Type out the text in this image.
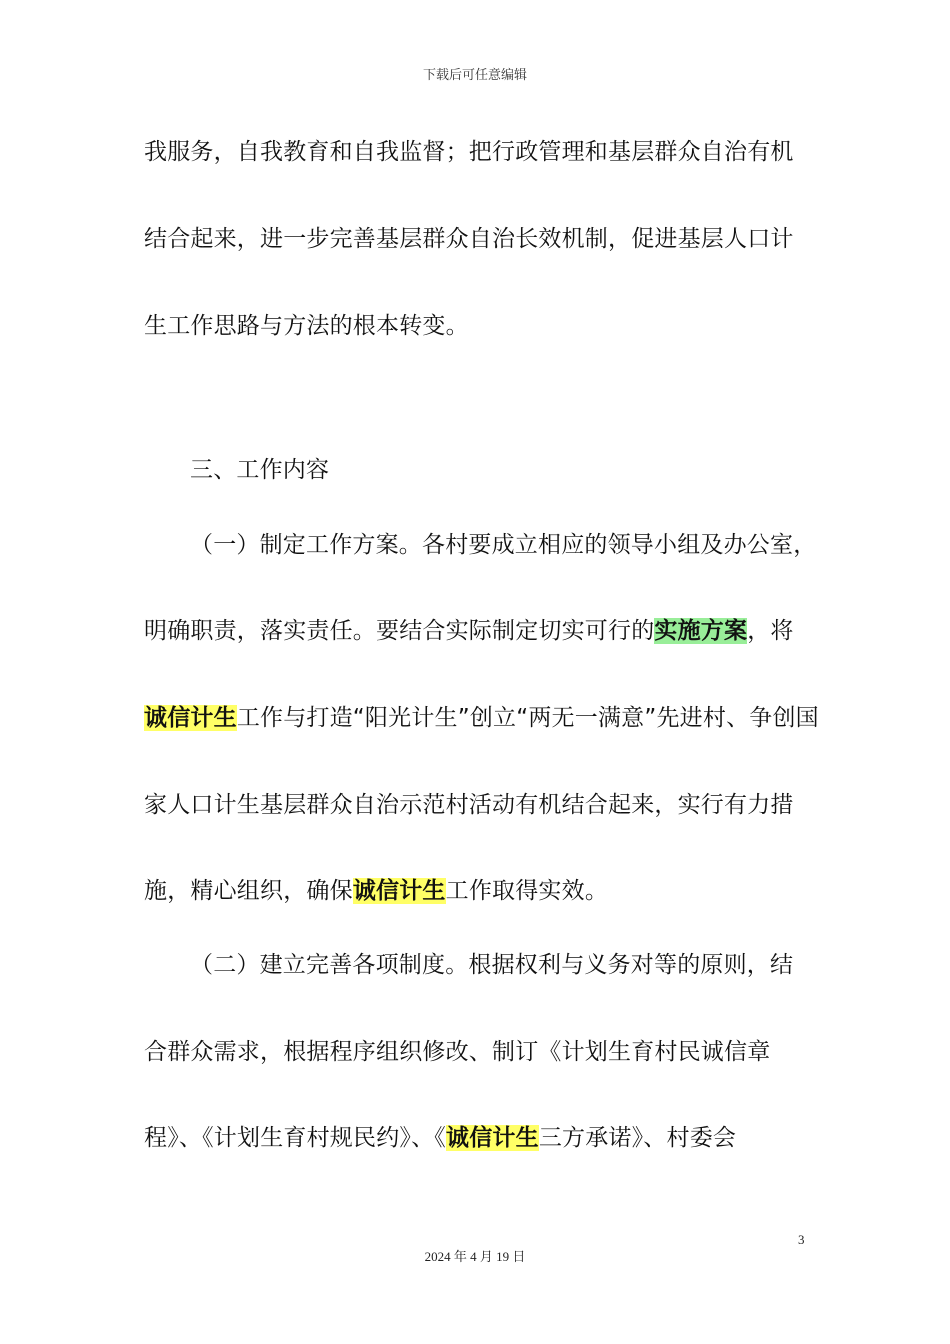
下载后可任意编辑
我服务，自我教育和自我监督；把行政管理和基层群众自治有机
结合起来，进一步完善基层群众自治长效机制，促进基层人口计
生工作思路与方法的根本转变。
三、工作内容
（一）制定工作方案。各村要成立相应的领导小组及办公室，
明确职责，落实责任。要结合实际制定切实可行的实施方案，将
诚信计生工作与打造“阳光计生”创立“两无一满意”先进村、争创国
家人口计生基层群众自治示范村活动有机结合起来，实行有力措
施，精心组织，确保诚信计生工作取得实效。
（二）建立完善各项制度。根据权利与义务对等的原则，结
合群众需求，根据程序组织修改、制订《计划生育村民诚信章
程》、《计划生育村规民约》、《诚信计生三方承诺》、村委会
3
2024 年 4 月 19 日
